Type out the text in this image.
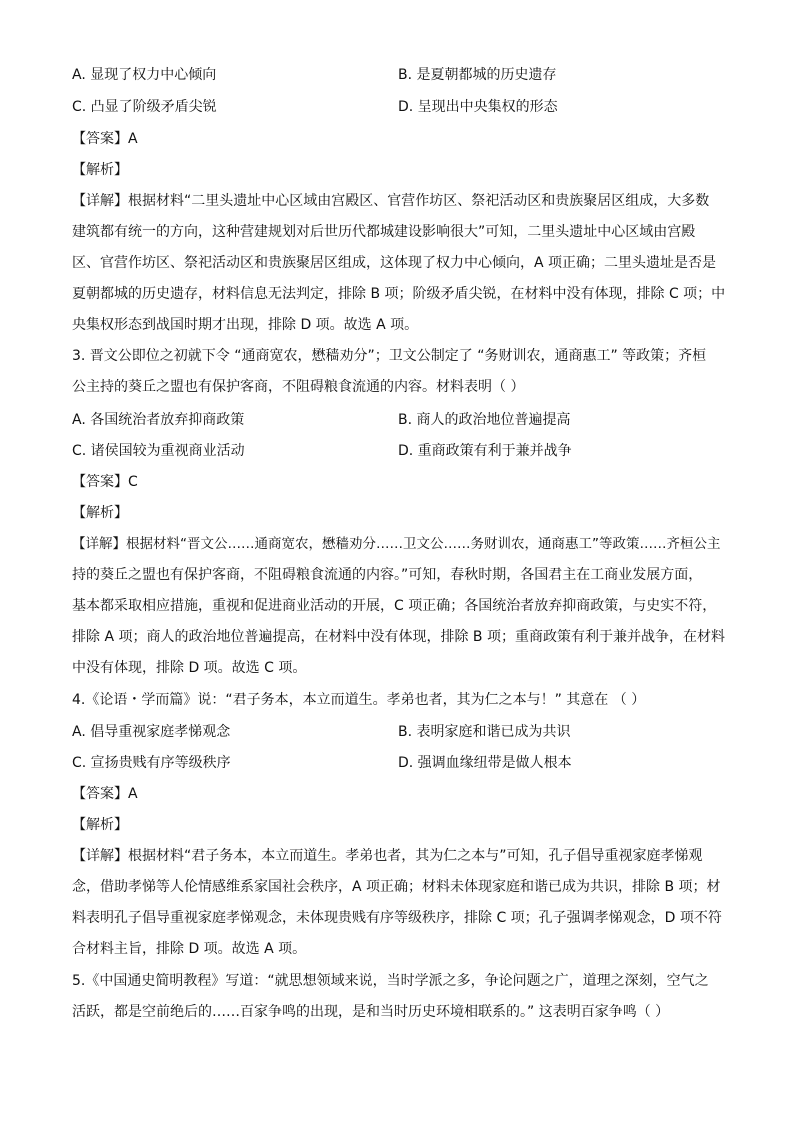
A. 显现了权力中心倾向	B. 是夏朝都城的历史遗存
C. 凸显了阶级矛盾尖锐	D. 呈现出中央集权的形态
【答案】A
【解析】
【详解】根据材料“二里头遗址中心区域由宫殿区、官营作坊区、祭祀活动区和贵族聚居区组成，大多数
建筑都有统一的方向，这种营建规划对后世历代都城建设影响很大”可知，二里头遗址中心区域由宫殿
区、官营作坊区、祭祀活动区和贵族聚居区组成，这体现了权力中心倾向，A 项正确；二里头遗址是否是
夏朝都城的历史遗存，材料信息无法判定，排除 B 项；阶级矛盾尖锐，在材料中没有体现，排除 C 项；中
央集权形态到战国时期才出现，排除 D 项。故选 A 项。
3. 晋文公即位之初就下令 “通商宽农，懋穑劝分”；卫文公制定了 “务财训农，通商惠工” 等政策；齐桓
公主持的葵丘之盟也有保护客商，不阻碍粮食流通的内容。材料表明（ ）
A. 各国统治者放弃抑商政策	B. 商人的政治地位普遍提高
C. 诸侯国较为重视商业活动	D. 重商政策有利于兼并战争
【答案】C
【解析】
【详解】根据材料“晋文公……通商宽农，懋穑劝分……卫文公……务财训农，通商惠工”等政策……齐桓公主
持的葵丘之盟也有保护客商，不阻碍粮食流通的内容。”可知，春秋时期，各国君主在工商业发展方面，
基本都采取相应措施，重视和促进商业活动的开展，C 项正确；各国统治者放弃抑商政策，与史实不符，
排除 A 项；商人的政治地位普遍提高，在材料中没有体现，排除 B 项；重商政策有利于兼并战争，在材料
中没有体现，排除 D 项。故选 C 项。
4.《论语・学而篇》说：“君子务本，本立而道生。孝弟也者，其为仁之本与！” 其意在 （ ）
A. 倡导重视家庭孝悌观念	B. 表明家庭和谐已成为共识
C. 宣扬贵贱有序等级秩序	D. 强调血缘纽带是做人根本
【答案】A
【解析】
【详解】根据材料“君子务本，本立而道生。孝弟也者，其为仁之本与”可知，孔子倡导重视家庭孝悌观
念，借助孝悌等人伦情感维系家国社会秩序，A 项正确；材料未体现家庭和谐已成为共识，排除 B 项；材
料表明孔子倡导重视家庭孝悌观念，未体现贵贱有序等级秩序，排除 C 项；孔子强调孝悌观念，D 项不符
合材料主旨，排除 D 项。故选 A 项。
5.《中国通史简明教程》写道：“就思想领域来说，当时学派之多，争论问题之广，道理之深刻，空气之
活跃，都是空前绝后的……百家争鸣的出现，是和当时历史环境相联系的。” 这表明百家争鸣（ ）
